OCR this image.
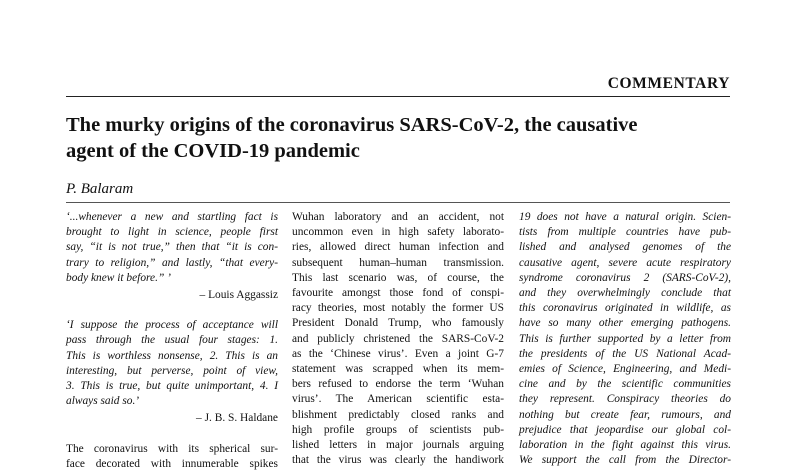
COMMENTARY
The murky origins of the coronavirus SARS-CoV-2, the causative
agent of the COVID-19 pandemic
P. Balaram
‘...whenever a new and startling fact is
brought to light in science, people first
say, “it is not true,” then that “it is con-
trary to religion,” and lastly, “that every-
body knew it before.” ’
– Louis Aggassiz
‘I suppose the process of acceptance will
pass through the usual four stages: 1.
This is worthless nonsense, 2. This is an
interesting, but perverse, point of view,
3. This is true, but quite unimportant, 4. I
always said so.’
– J. B. S. Haldane
The coronavirus with its spherical sur-
face decorated with innumerable spikes
Wuhan laboratory and an accident, not
uncommon even in high safety laborato-
ries, allowed direct human infection and
subsequent human–human transmission.
This last scenario was, of course, the
favourite amongst those fond of conspi-
racy theories, most notably the former US
President Donald Trump, who famously
and publicly christened the SARS-CoV-2
as the ‘Chinese virus’. Even a joint G-7
statement was scrapped when its mem-
bers refused to endorse the term ‘Wuhan
virus’. The American scientific esta-
blishment predictably closed ranks and
high profile groups of scientists pub-
lished letters in major journals arguing
that the virus was clearly the handiwork
19 does not have a natural origin. Scien-
tists from multiple countries have pub-
lished and analysed genomes of the
causative agent, severe acute respiratory
syndrome coronavirus 2 (SARS-CoV-2),
and they overwhelmingly conclude that
this coronavirus originated in wildlife, as
have so many other emerging pathogens.
This is further supported by a letter from
the presidents of the US National Acad-
emies of Science, Engineering, and Medi-
cine and by the scientific communities
they represent. Conspiracy theories do
nothing but create fear, rumours, and
prejudice that jeopardise our global col-
laboration in the fight against this virus.
We support the call from the Director-
